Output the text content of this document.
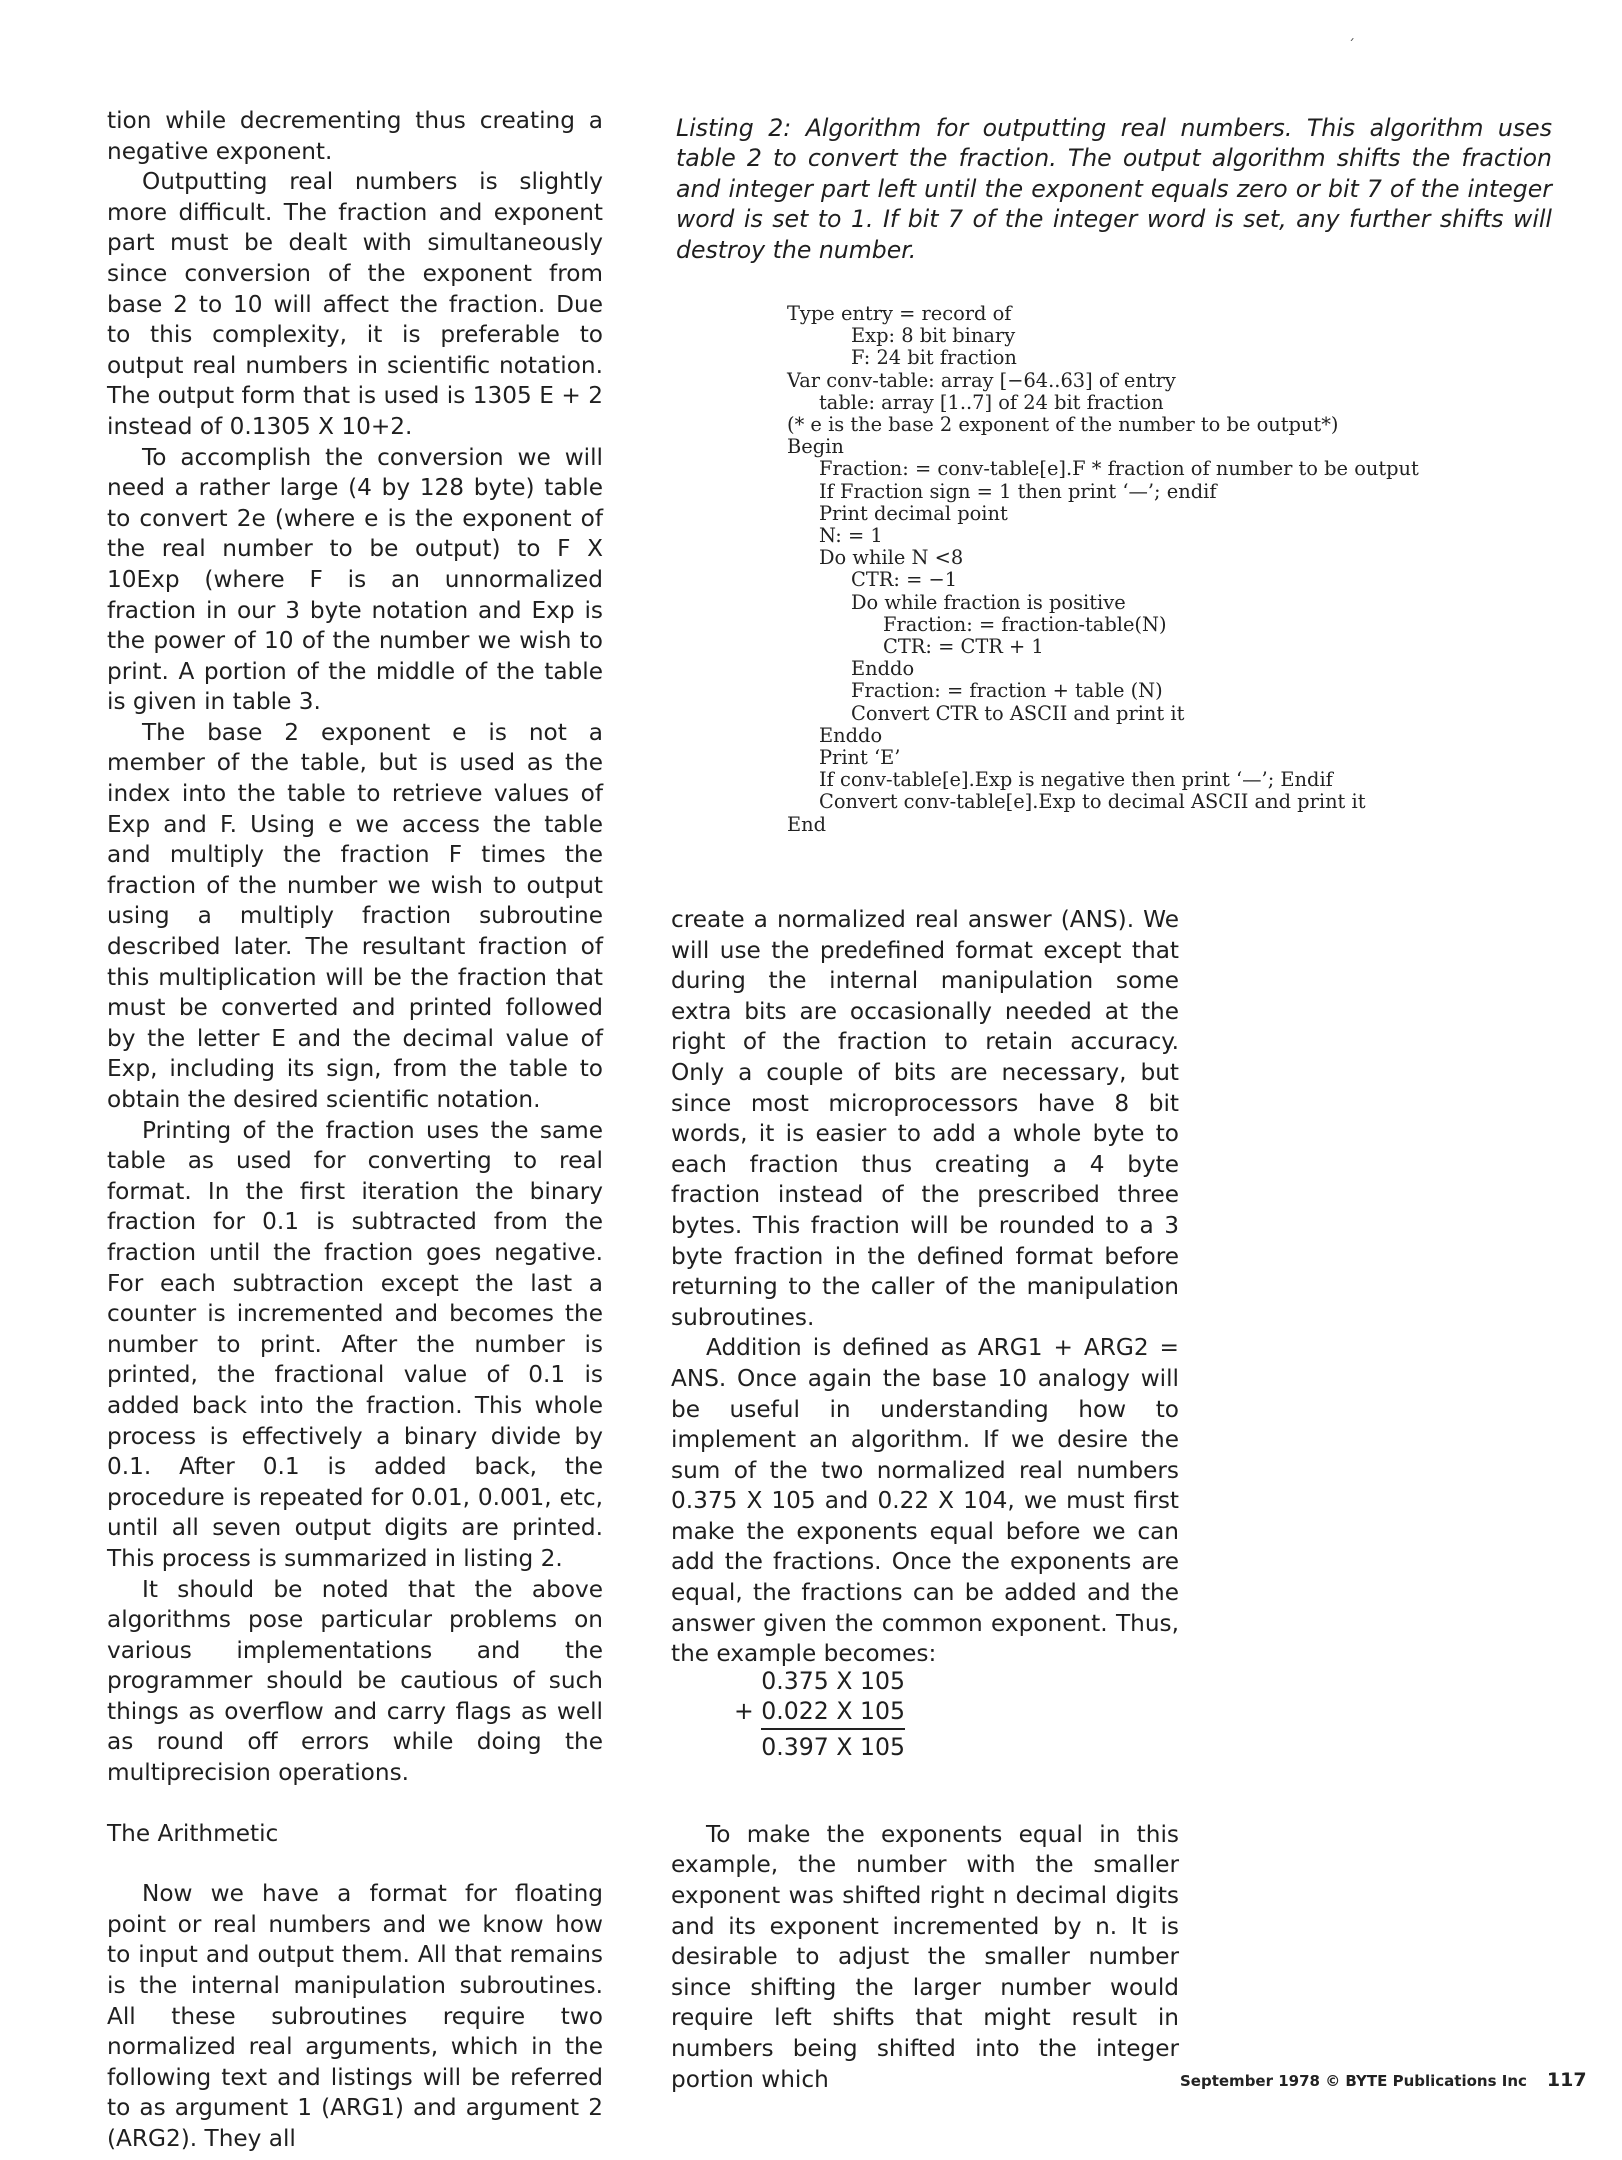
´

tion while decrementing thus creating a negative exponent.

Outputting real numbers is slightly more difficult. The fraction and exponent part must be dealt with simultaneously since conversion of the exponent from base 2 to 10 will affect the fraction. Due to this complexity, it is preferable to output real numbers in scientific notation. The output form that is used is 1305 E + 2 instead of 0.1305 X 10+2.

To accomplish the conversion we will need a rather large (4 by 128 byte) table to convert 2e (where e is the exponent of the real number to be output) to F X 10Exp (where F is an unnormalized fraction in our 3 byte notation and Exp is the power of 10 of the number we wish to print. A portion of the middle of the table is given in table 3.

The base 2 exponent e is not a member of the table, but is used as the index into the table to retrieve values of Exp and F. Using e we access the table and multiply the fraction F times the fraction of the number we wish to output using a multiply fraction subroutine described later. The resultant fraction of this multiplication will be the fraction that must be converted and printed followed by the letter E and the decimal value of Exp, including its sign, from the table to obtain the desired scientific notation.

Printing of the fraction uses the same table as used for converting to real format. In the first iteration the binary fraction for 0.1 is subtracted from the fraction until the fraction goes negative. For each subtraction except the last a counter is incremented and becomes the number to print. After the number is printed, the fractional value of 0.1 is added back into the fraction. This whole process is effectively a binary divide by 0.1. After 0.1 is added back, the procedure is repeated for 0.01, 0.001, etc, until all seven output digits are printed. This process is summarized in listing 2.

It should be noted that the above algorithms pose particular problems on various implementations and the programmer should be cautious of such things as overflow and carry flags as well as round off errors while doing the multiprecision operations.

The Arithmetic

Now we have a format for floating point or real numbers and we know how to input and output them. All that remains is the internal manipulation subroutines. All these subroutines require two normalized real arguments, which in the following text and listings will be referred to as argument 1 (ARG1) and argument 2 (ARG2). They all

Listing 2: Algorithm for outputting real numbers. This algorithm uses table 2 to convert the fraction. The output algorithm shifts the fraction and integer part left until the exponent equals zero or bit 7 of the integer word is set to 1. If bit 7 of the integer word is set, any further shifts will destroy the number.

Type entry = record of
Exp: 8 bit binary
F: 24 bit fraction
Var conv-table: array [−64..63] of entry
table: array [1..7] of 24 bit fraction
(* e is the base 2 exponent of the number to be output*)
Begin
Fraction: = conv-table[e].F * fraction of number to be output
If Fraction sign = 1 then print ‘—’; endif
Print decimal point
N: = 1
Do while N <8
CTR: = −1
Do while fraction is positive
Fraction: = fraction-table(N)
CTR: = CTR + 1
Enddo
Fraction: = fraction + table (N)
Convert CTR to ASCII and print it
Enddo
Print ‘E’
If conv-table[e].Exp is negative then print ‘—’; Endif
Convert conv-table[e].Exp to decimal ASCII and print it
End

create a normalized real answer (ANS). We will use the predefined format except that during the internal manipulation some extra bits are occasionally needed at the right of the fraction to retain accuracy. Only a couple of bits are necessary, but since most microprocessors have 8 bit words, it is easier to add a whole byte to each fraction thus creating a 4 byte fraction instead of the prescribed three bytes. This fraction will be rounded to a 3 byte fraction in the defined format before returning to the caller of the manipulation subroutines.

Addition is defined as ARG1 + ARG2 = ANS. Once again the base 10 analogy will be useful in understanding how to implement an algorithm. If we desire the sum of the two normalized real numbers 0.375 X 105 and 0.22 X 104, we must first make the exponents equal before we can add the fractions. Once the exponents are equal, the fractions can be added and the answer given the common exponent. Thus, the example becomes:

To make the exponents equal in this example, the number with the smaller exponent was shifted right n decimal digits and its exponent incremented by n. It is desirable to adjust the smaller number since shifting the larger number would require left shifts that might result in numbers being shifted into the integer portion which

0.375 X 105
+ 0.022 X 105
0.397 X 105
September 1978 © BYTE Publications Inc 117
